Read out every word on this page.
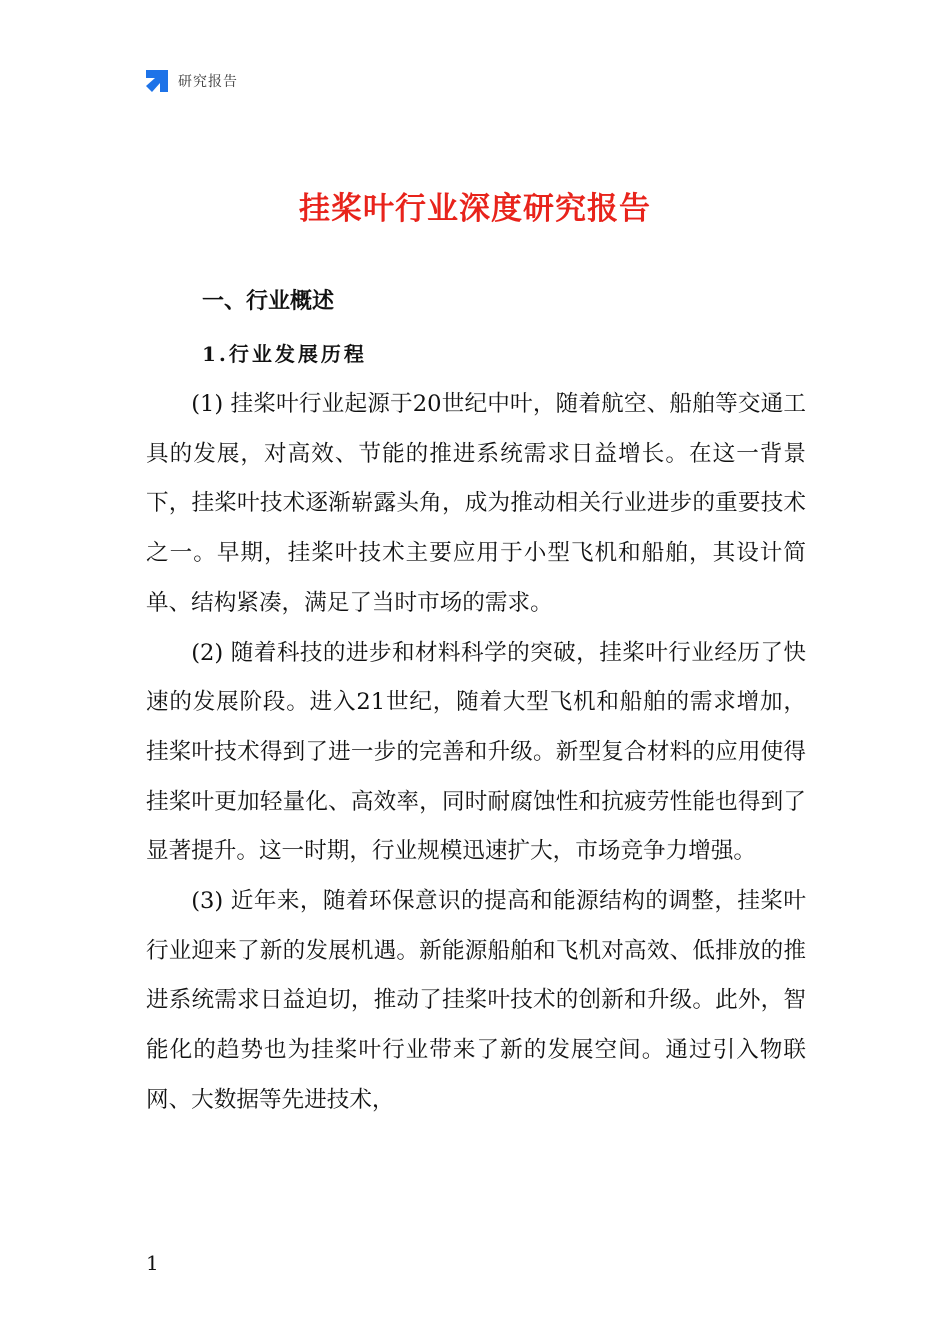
研究报告
挂桨叶行业深度研究报告
一、行业概述
1.行业发展历程

(1) 挂桨叶行业起源于20世纪中叶，随着航空、船舶等交通工具的发展，对高效、节能的推进系统需求日益增长。在这一背景下，挂桨叶技术逐渐崭露头角，成为推动相关行业进步的重要技术之一。早期，挂桨叶技术主要应用于小型飞机和船舶，其设计简单、结构紧凑，满足了当时市场的需求。

(2) 随着科技的进步和材料科学的突破，挂桨叶行业经历了快速的发展阶段。进入21世纪，随着大型飞机和船舶的需求增加，挂桨叶技术得到了进一步的完善和升级。新型复合材料的应用使得挂桨叶更加轻量化、高效率，同时耐腐蚀性和抗疲劳性能也得到了显著提升。这一时期，行业规模迅速扩大，市场竞争力增强。

(3) 近年来，随着环保意识的提高和能源结构的调整，挂桨叶行业迎来了新的发展机遇。新能源船舶和飞机对高效、低排放的推进系统需求日益迫切，推动了挂桨叶技术的创新和升级。此外，智能化的趋势也为挂桨叶行业带来了新的发展空间。通过引入物联网、大数据等先进技术，

1
